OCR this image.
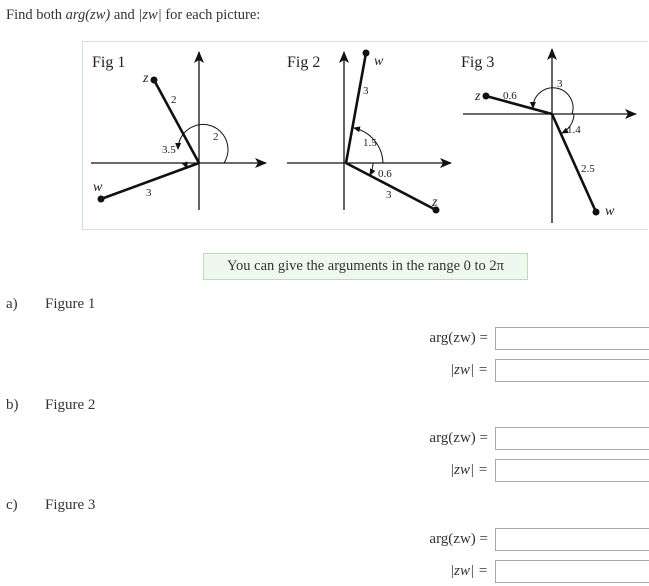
Find both arg(zw) and |zw| for each picture:
Fig 1
z
w
2
3
2
3.5
Fig 2	w
z
3
3
1.5
0.6
Fig 3
z
w
0.6
2.5
3
1.4
You can give the arguments in the range 0 to 2π
a) Figure 1
arg(zw) =
|zw| =
b) Figure 2
arg(zw) =
|zw| =
c) Figure 3
arg(zw) =
|zw| =
